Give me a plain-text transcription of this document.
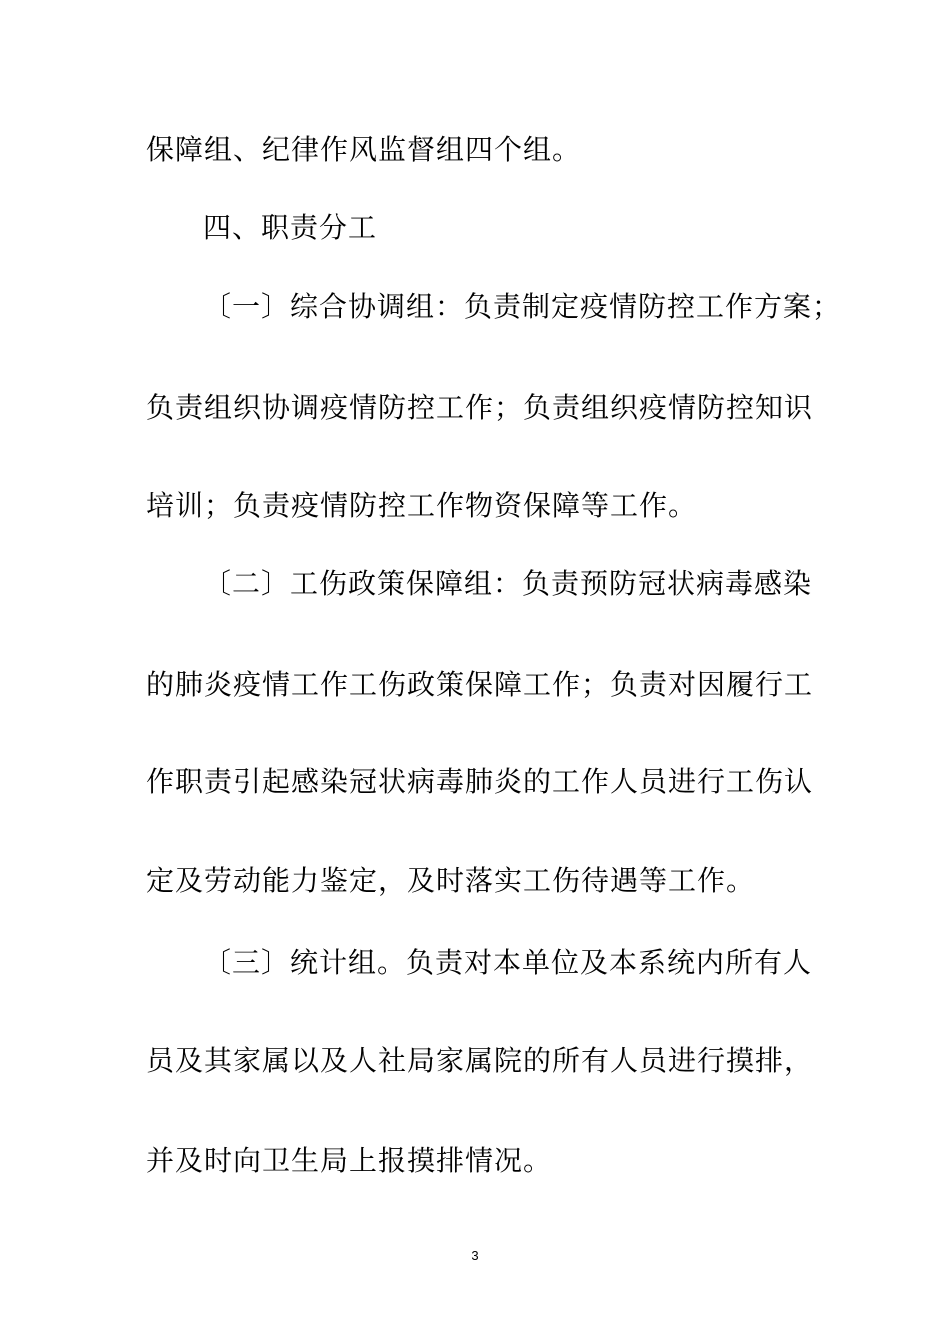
保障组、纪律作风监督组四个组。
四、职责分工
〔一〕综合协调组：负责制定疫情防控工作方案；
负责组织协调疫情防控工作；负责组织疫情防控知识
培训；负责疫情防控工作物资保障等工作。
〔二〕工伤政策保障组：负责预防冠状病毒感染
的肺炎疫情工作工伤政策保障工作；负责对因履行工
作职责引起感染冠状病毒肺炎的工作人员进行工伤认
定及劳动能力鉴定，及时落实工伤待遇等工作。
〔三〕统计组。负责对本单位及本系统内所有人
员及其家属以及人社局家属院的所有人员进行摸排，
并及时向卫生局上报摸排情况。
3
